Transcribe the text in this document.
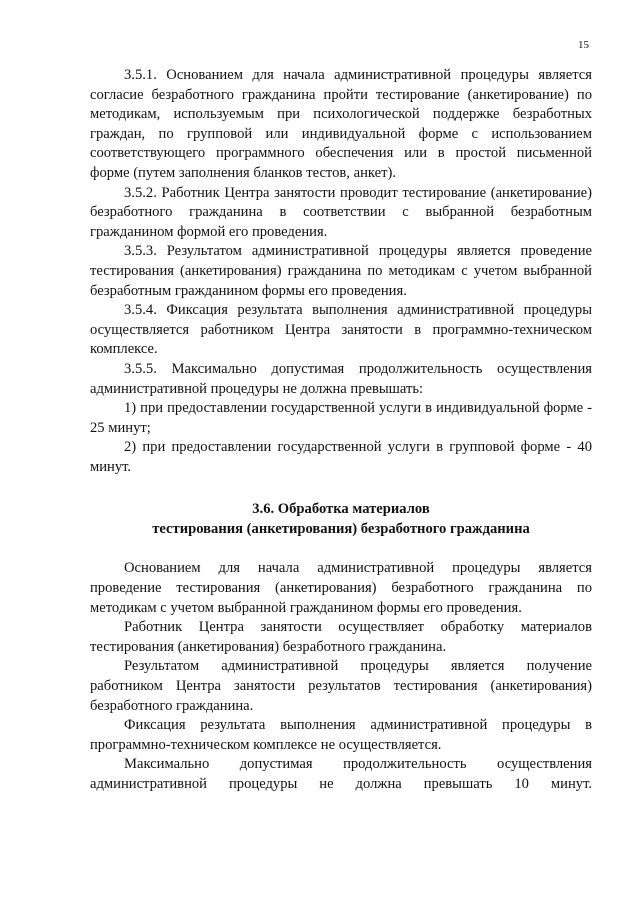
15

3.5.1. Основанием для начала административной процедуры является согласие безработного гражданина пройти тестирование (анкетирование) по методикам, используемым при психологической поддержке безработных граждан, по групповой или индивидуальной форме с использованием соответствующего программного обеспечения или в простой письменной форме (путем заполнения бланков тестов, анкет).

3.5.2. Работник Центра занятости проводит тестирование (анкетирование) безработного гражданина в соответствии с выбранной безработным гражданином формой его проведения.

3.5.3. Результатом административной процедуры является проведение тестирования (анкетирования) гражданина по методикам с учетом выбранной безработным гражданином формы его проведения.

3.5.4. Фиксация результата выполнения административной процедуры осуществляется работником Центра занятости в программно-техническом комплексе.

3.5.5. Максимально допустимая продолжительность осуществления административной процедуры не должна превышать:

1) при предоставлении государственной услуги в индивидуальной форме - 25 минут;

2) при предоставлении государственной услуги в групповой форме - 40 минут.

3.6. Обработка материалов
тестирования (анкетирования) безработного гражданина

Основанием для начала административной процедуры является проведение тестирования (анкетирования) безработного гражданина по методикам с учетом выбранной гражданином формы его проведения.

Работник Центра занятости осуществляет обработку материалов тестирования (анкетирования) безработного гражданина.

Результатом административной процедуры является получение работником Центра занятости результатов тестирования (анкетирования) безработного гражданина.

Фиксация результата выполнения административной процедуры в программно-техническом комплексе не осуществляется.

Максимально допустимая продолжительность осуществления административной процедуры не должна превышать 10 минут.
